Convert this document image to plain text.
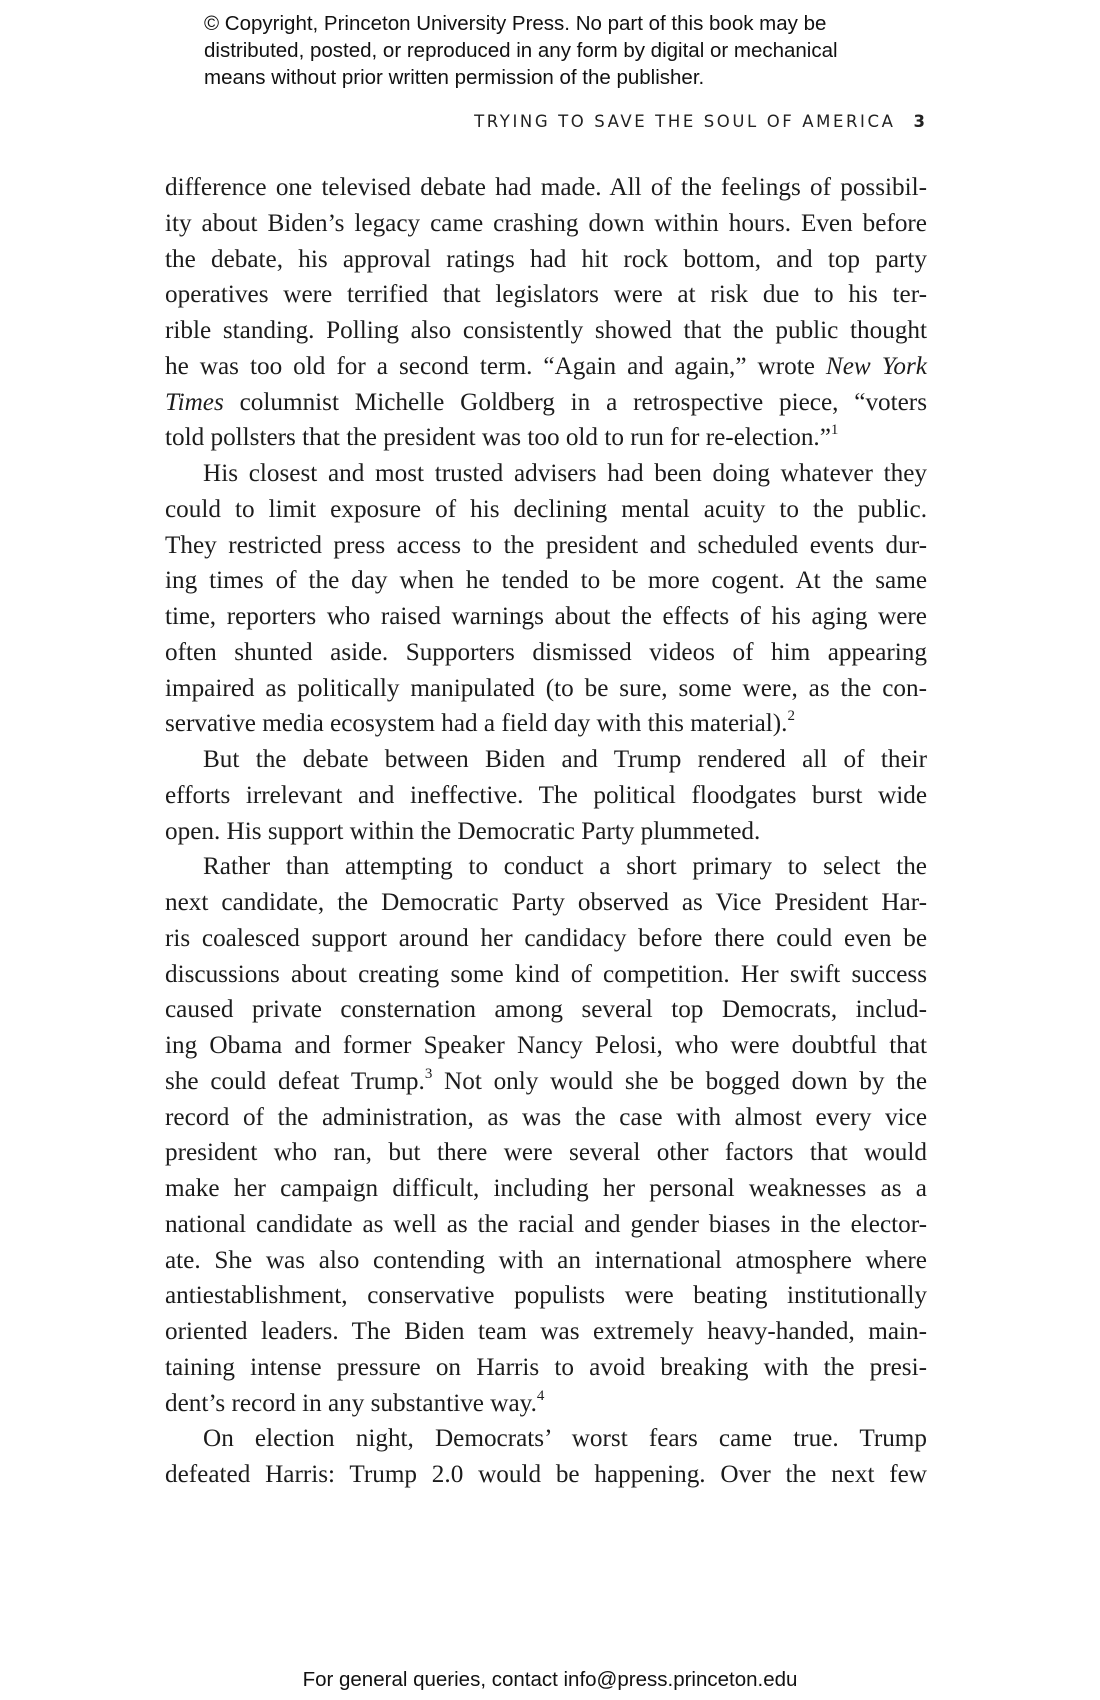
© Copyright, Princeton University Press. No part of this book may be
distributed, posted, or reproduced in any form by digital or mechanical
means without prior written permission of the publisher.
TRYING TO SAVE THE SOUL OF AMERICA 3
difference one televised debate had made. All of the feelings of possibil-
ity about Biden’s legacy came crashing down within hours. Even before
the debate, his approval ratings had hit rock bottom, and top party
operatives were terrified that legislators were at risk due to his ter-
rible standing. Polling also consistently showed that the public thought
he was too old for a second term. “Again and again,” wrote New York
Times columnist Michelle Goldberg in a retrospective piece, “voters
told pollsters that the president was too old to run for re-election.”$^1$
His closest and most trusted advisers had been doing whatever they
could to limit exposure of his declining mental acuity to the public.
They restricted press access to the president and scheduled events dur-
ing times of the day when he tended to be more cogent. At the same
time, reporters who raised warnings about the effects of his aging were
often shunted aside. Supporters dismissed videos of him appearing
impaired as politically manipulated (to be sure, some were, as the con-
servative media ecosystem had a field day with this material).$^2$
But the debate between Biden and Trump rendered all of their
efforts irrelevant and ineffective. The political floodgates burst wide
open. His support within the Democratic Party plummeted.
Rather than attempting to conduct a short primary to select the
next candidate, the Democratic Party observed as Vice President Har-
ris coalesced support around her candidacy before there could even be
discussions about creating some kind of competition. Her swift success
caused private consternation among several top Democrats, includ-
ing Obama and former Speaker Nancy Pelosi, who were doubtful that
she could defeat Trump.$^3$ Not only would she be bogged down by the
record of the administration, as was the case with almost every vice
president who ran, but there were several other factors that would
make her campaign difficult, including her personal weaknesses as a
national candidate as well as the racial and gender biases in the elector-
ate. She was also contending with an international atmosphere where
antiestablishment, conservative populists were beating institutionally
oriented leaders. The Biden team was extremely heavy-handed, main-
taining intense pressure on Harris to avoid breaking with the presi-
dent’s record in any substantive way.$^4$
On election night, Democrats’ worst fears came true. Trump
defeated Harris: Trump 2.0 would be happening. Over the next few
For general queries, contact info@press.princeton.edu
